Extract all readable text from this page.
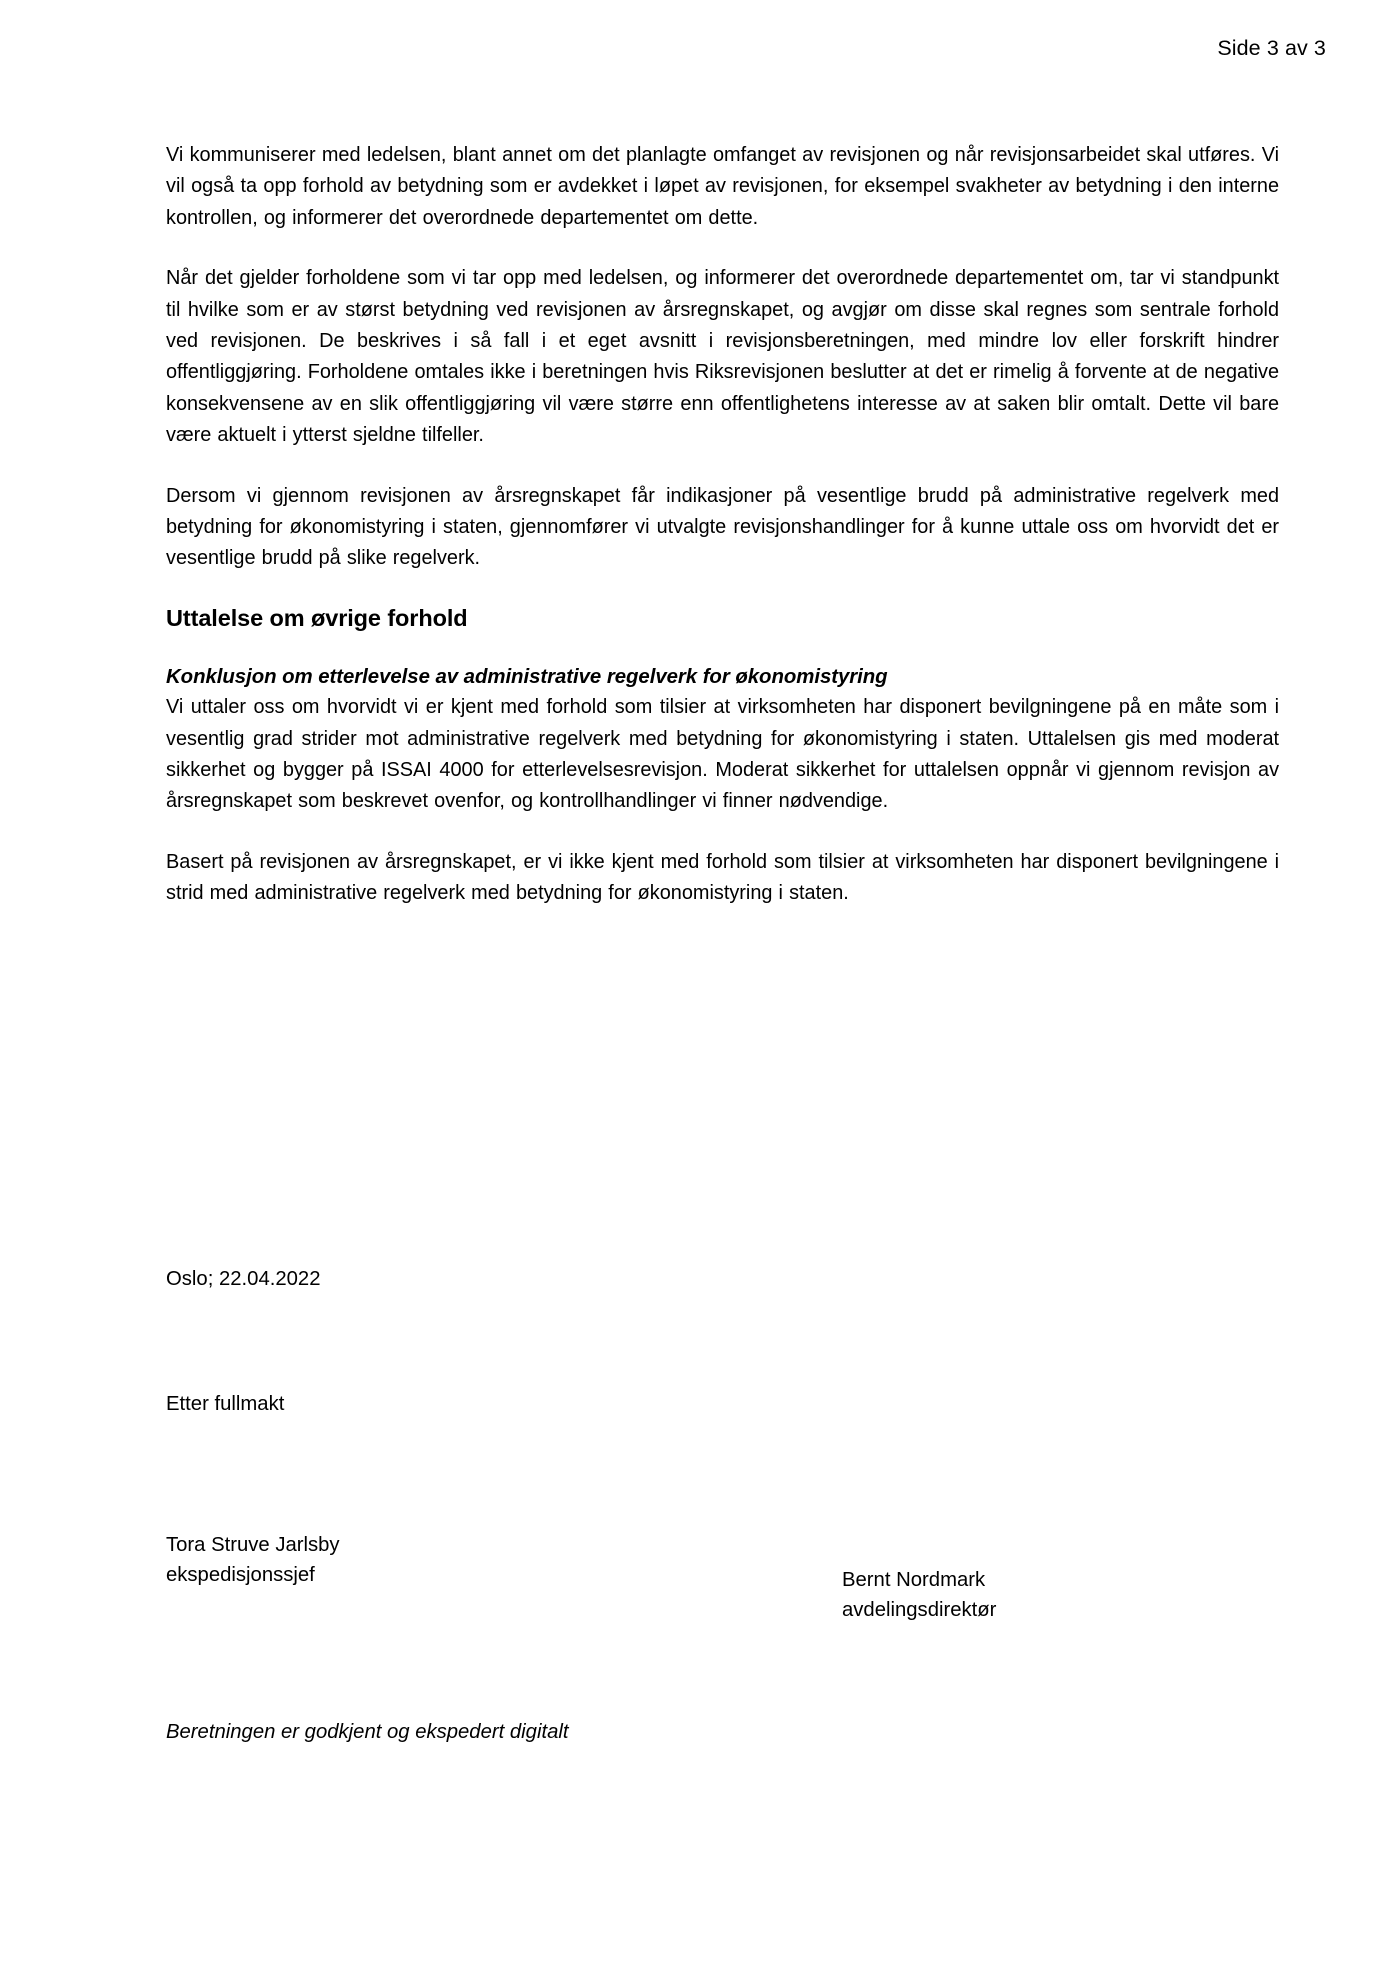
Side 3 av 3

Vi kommuniserer med ledelsen, blant annet om det planlagte omfanget av revisjonen og når revisjonsarbeidet skal utføres. Vi vil også ta opp forhold av betydning som er avdekket i løpet av revisjonen, for eksempel svakheter av betydning i den interne kontrollen, og informerer det overordnede departementet om dette.

Når det gjelder forholdene som vi tar opp med ledelsen, og informerer det overordnede departementet om, tar vi standpunkt til hvilke som er av størst betydning ved revisjonen av årsregnskapet, og avgjør om disse skal regnes som sentrale forhold ved revisjonen. De beskrives i så fall i et eget avsnitt i revisjonsberetningen, med mindre lov eller forskrift hindrer offentliggjøring. Forholdene omtales ikke i beretningen hvis Riksrevisjonen beslutter at det er rimelig å forvente at de negative konsekvensene av en slik offentliggjøring vil være større enn offentlighetens interesse av at saken blir omtalt. Dette vil bare være aktuelt i ytterst sjeldne tilfeller.

Dersom vi gjennom revisjonen av årsregnskapet får indikasjoner på vesentlige brudd på administrative regelverk med betydning for økonomistyring i staten, gjennomfører vi utvalgte revisjonshandlinger for å kunne uttale oss om hvorvidt det er vesentlige brudd på slike regelverk.

Uttalelse om øvrige forhold
Konklusjon om etterlevelse av administrative regelverk for økonomistyring

Vi uttaler oss om hvorvidt vi er kjent med forhold som tilsier at virksomheten har disponert bevilgningene på en måte som i vesentlig grad strider mot administrative regelverk med betydning for økonomistyring i staten. Uttalelsen gis med moderat sikkerhet og bygger på ISSAI 4000 for etterlevelsesrevisjon. Moderat sikkerhet for uttalelsen oppnår vi gjennom revisjon av årsregnskapet som beskrevet ovenfor, og kontrollhandlinger vi finner nødvendige.

Basert på revisjonen av årsregnskapet, er vi ikke kjent med forhold som tilsier at virksomheten har disponert bevilgningene i strid med administrative regelverk med betydning for økonomistyring i staten.

Oslo; 22.04.2022
Etter fullmakt
Tora Struve Jarlsby
ekspedisjonssjef	Bernt Nordmark
avdelingsdirektør
Beretningen er godkjent og ekspedert digitalt
